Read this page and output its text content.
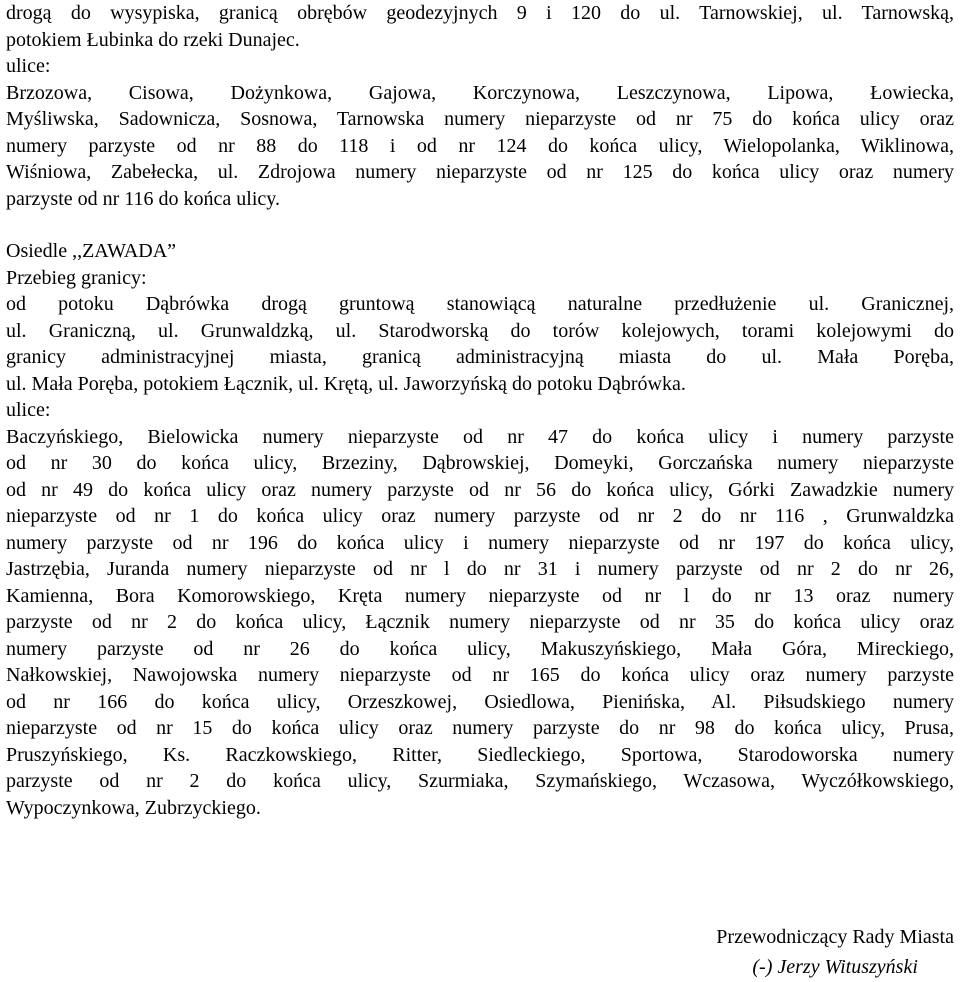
drogą do wysypiska, granicą obrębów geodezyjnych 9 i 120 do ul. Tarnowskiej, ul. Tarnowską,
potokiem Łubinka do rzeki Dunajec.
ulice:
Brzozowa, Cisowa, Dożynkowa, Gajowa, Korczynowa, Leszczynowa, Lipowa, Łowiecka,
Myśliwska, Sadownicza, Sosnowa, Tarnowska numery nieparzyste od nr 75 do końca ulicy oraz
numery parzyste od nr 88 do 118 i od nr 124 do końca ulicy, Wielopolanka, Wiklinowa,
Wiśniowa, Zabełecka, ul. Zdrojowa numery nieparzyste od nr 125 do końca ulicy oraz numery
parzyste od nr 116 do końca ulicy.
Osiedle ,,ZAWADA”
Przebieg granicy:
od potoku Dąbrówka drogą gruntową stanowiącą naturalne przedłużenie ul. Granicznej,
ul. Graniczną, ul. Grunwaldzką, ul. Starodworską do torów kolejowych, torami kolejowymi do
granicy administracyjnej miasta, granicą administracyjną miasta do ul. Mała Poręba,
ul. Mała Poręba, potokiem Łącznik, ul. Krętą, ul. Jaworzyńską do potoku Dąbrówka.
ulice:
Baczyńskiego, Bielowicka numery nieparzyste od nr 47 do końca ulicy i numery parzyste
od nr 30 do końca ulicy, Brzeziny, Dąbrowskiej, Domeyki, Gorczańska numery nieparzyste
od nr 49 do końca ulicy oraz numery parzyste od nr 56 do końca ulicy, Górki Zawadzkie numery
nieparzyste od nr 1 do końca ulicy oraz numery parzyste od nr 2 do nr 116 , Grunwaldzka
numery parzyste od nr 196 do końca ulicy i numery nieparzyste od nr 197 do końca ulicy,
Jastrzębia, Juranda numery nieparzyste od nr l do nr 31 i numery parzyste od nr 2 do nr 26,
Kamienna, Bora Komorowskiego, Kręta numery nieparzyste od nr l do nr 13 oraz numery
parzyste od nr 2 do końca ulicy, Łącznik numery nieparzyste od nr 35 do końca ulicy oraz
numery parzyste od nr 26 do końca ulicy, Makuszyńskiego, Mała Góra, Mireckiego,
Nałkowskiej, Nawojowska numery nieparzyste od nr 165 do końca ulicy oraz numery parzyste
od nr 166 do końca ulicy, Orzeszkowej, Osiedlowa, Pienińska, Al. Piłsudskiego numery
nieparzyste od nr 15 do końca ulicy oraz numery parzyste do nr 98 do końca ulicy, Prusa,
Pruszyńskiego, Ks. Raczkowskiego, Ritter, Siedleckiego, Sportowa, Starodoworska numery
parzyste od nr 2 do końca ulicy, Szurmiaka, Szymańskiego, Wczasowa, Wyczółkowskiego,
Wypoczynkowa, Zubrzyckiego.
Przewodniczący Rady Miasta
(-) Jerzy Wituszyński
